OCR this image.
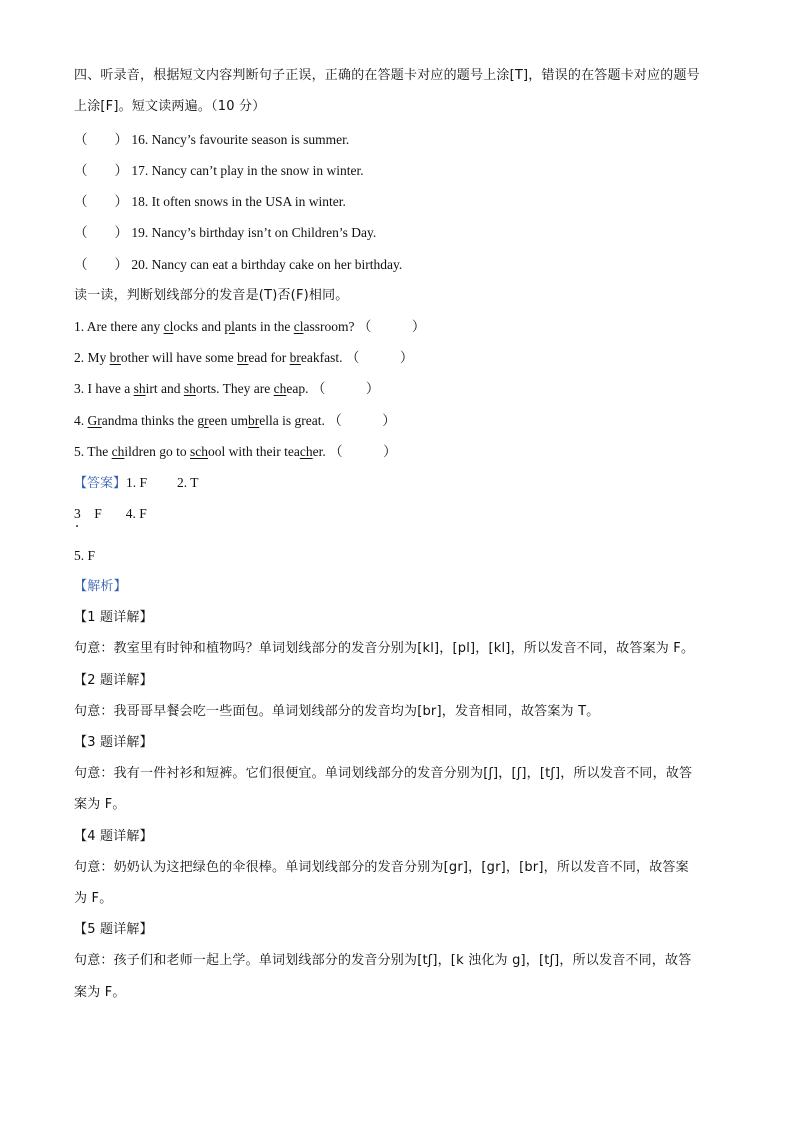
四、听录音，根据短文内容判断句子正误，正确的在答题卡对应的题号上涂[T]，错误的在答题卡对应的题号
上涂[F]。短文读两遍。（10 分）
（　　） 16. Nancy’s favourite season is summer.
（　　） 17. Nancy can’t play in the snow in winter.
（　　） 18. It often snows in the USA in winter.
（　　） 19. Nancy’s birthday isn’t on Children’s Day.
（　　） 20. Nancy can eat a birthday cake on her birthday.
读一读，判断划线部分的发音是(T)否(F)相同。
1. Are there any clocks and plants in the classroom? （　　　）
2. My brother will have some bread for breakfast. （　　　）
3. I have a shirt and shorts. They are cheap. （　　　）
4. Grandma thinks the green umbrella is great. （　　　）
5. The children go to school with their teacher. （　　　）
【答案】1. F 2. T
3　F 4. F
5. F
【解析】
【1 题详解】
句意：教室里有时钟和植物吗？单词划线部分的发音分别为[kl]，[pl]，[kl]，所以发音不同，故答案为 F。
【2 题详解】
句意：我哥哥早餐会吃一些面包。单词划线部分的发音均为[br]，发音相同，故答案为 T。
【3 题详解】
句意：我有一件衬衫和短裤。它们很便宜。单词划线部分的发音分别为[ʃ]，[ʃ]，[tʃ]，所以发音不同，故答
案为 F。
【4 题详解】
句意：奶奶认为这把绿色的伞很棒。单词划线部分的发音分别为[gr]，[gr]，[br]，所以发音不同，故答案
为 F。
【5 题详解】
句意：孩子们和老师一起上学。单词划线部分的发音分别为[tʃ]，[k 浊化为 g]，[tʃ]，所以发音不同，故答
案为 F。
